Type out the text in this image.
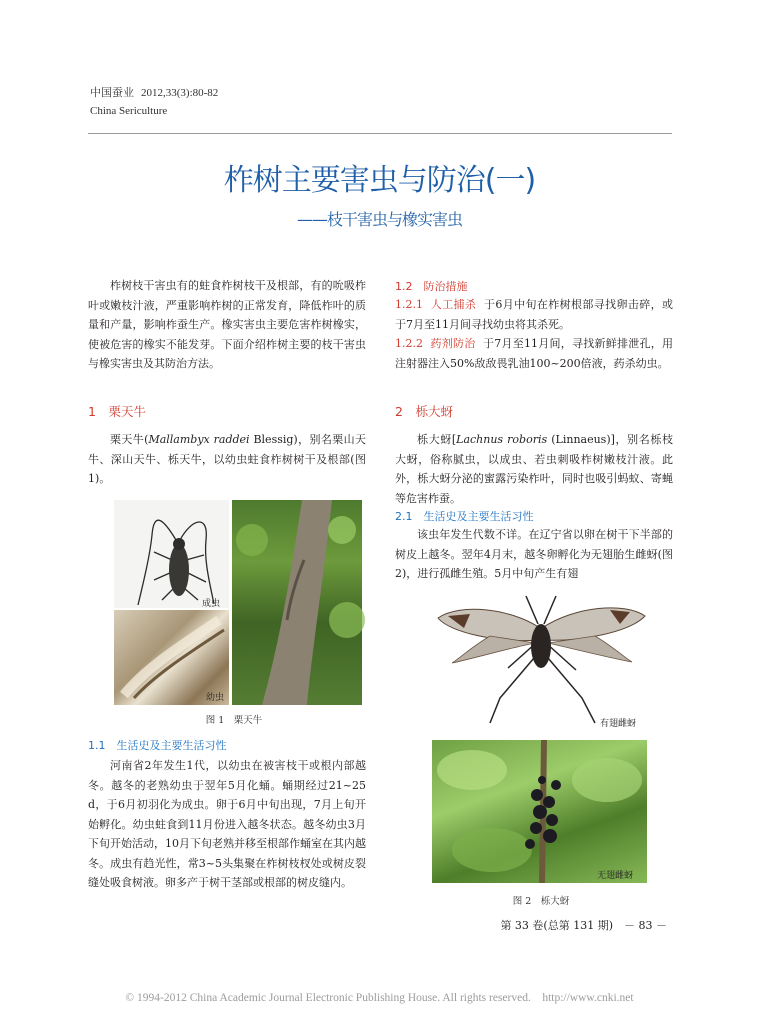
中国蚕业 2012,33(3):80-82
China Sericulture
柞树主要害虫与防治(一)
——枝干害虫与橡实害虫

柞树枝干害虫有的蛀食柞树枝干及根部，有的吮吸柞叶或嫩枝汁液，严重影响柞树的正常发育，降低柞叶的质量和产量，影响柞蚕生产。橡实害虫主要危害柞树橡实，使被危害的橡实不能发芽。下面介绍柞树主要的枝干害虫与橡实害虫及其防治方法。

1　栗天牛

栗天牛(Mallambyx raddei Blessig)，别名栗山天牛、深山天牛、栎天牛，以幼虫蛀食柞树树干及根部(图1)。

幼虫
成虫
图 1　栗天牛
1.1　生活史及主要生活习性

河南省2年发生1代，以幼虫在被害枝干或根内部越冬。越冬的老熟幼虫于翌年5月化蛹。蛹期经过21~25 d，于6月初羽化为成虫。卵于6月中旬出现，7月上旬开始孵化。幼虫蛀食到11月份进入越冬状态。越冬幼虫3月下旬开始活动，10月下旬老熟并移至根部作蛹室在其内越冬。成虫有趋光性，常3~5头集聚在柞树枝杈处或树皮裂缝处吸食树液。卵多产于树干茎部或根部的树皮缝内。

1.2　防治措施

1.2.1 人工捕杀 于6月中旬在柞树根部寻找卵击碎，或于7月至11月间寻找幼虫将其杀死。

1.2.2 药剂防治 于7月至11月间，寻找新鲜排泄孔，用注射器注入50%敌敌畏乳油100~200倍液，药杀幼虫。

2　栎大蚜

栎大蚜[Lachnus roboris (Linnaeus)]，别名栎枝大蚜，俗称腻虫，以成虫、若虫刺吸柞树嫩枝汁液。此外，栎大蚜分泌的蜜露污染柞叶，同时也吸引蚂蚁、寄蝇等危害柞蚕。

2.1　生活史及主要生活习性

该虫年发生代数不详。在辽宁省以卵在树干下半部的树皮上越冬。翌年4月末，越冬卵孵化为无翅胎生雌蚜(图2)，进行孤雌生殖。5月中旬产生有翅

有翅雌蚜
无翅雌蚜
图 2　栎大蚜
第 33 卷(总第 131 期)　－ 83 －
© 1994-2012 China Academic Journal Electronic Publishing House. All rights reserved.　http://www.cnki.net
